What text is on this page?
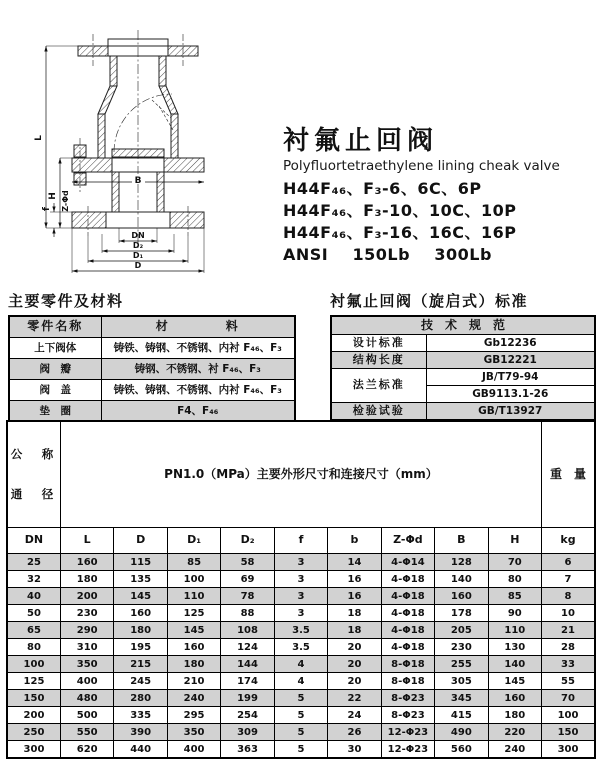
L
H
B
f Z-Φd
DN
D₂
D₁
D
衬氟止回阀
Polyfluortetraethylene lining cheak valve
H44F₄₆、F₃-6、6C、6P
H44F₄₆、F₃-10、10C、10P
H44F₄₆、F₃-16、16C、16P
ANSI    150Lb    300Lb
主要零件及材料
零件名称	材　　　　料
上下阀体	铸铁、铸钢、不锈钢、内衬 F₄₆、F₃
阀　瓣	铸钢、不锈钢、衬 F₄₆、F₃
阀　盖	铸铁、铸钢、不锈钢、内衬 F₄₆、F₃
垫　圈	F4、F₄₆
衬氟止回阀（旋启式）标准
技　术　规　范	
设计标准	Gb12236
结构长度	GB12221
法兰标准	JB/T79-94
	GB9113.1-26
检验试验	GB/T13927

公　称

通　径	PN1.0（MPa）主要外形尺寸和连接尺寸（mm）									重　量
DN	L	D	D₁	D₂	f	b	Z-Φd	B	H	kg
25	160	115	85	58	3	14	4-Φ14	128	70	6
32	180	135	100	69	3	16	4-Φ18	140	80	7
40	200	145	110	78	3	16	4-Φ18	160	85	8
50	230	160	125	88	3	18	4-Φ18	178	90	10
65	290	180	145	108	3.5	18	4-Φ18	205	110	21
80	310	195	160	124	3.5	20	4-Φ18	230	130	28
100	350	215	180	144	4	20	8-Φ18	255	140	33
125	400	245	210	174	4	20	8-Φ18	305	145	55
150	480	280	240	199	5	22	8-Φ23	345	160	70
200	500	335	295	254	5	24	8-Φ23	415	180	100
250	550	390	350	309	5	26	12-Φ23	490	220	150
300	620	440	400	363	5	30	12-Φ23	560	240	300
